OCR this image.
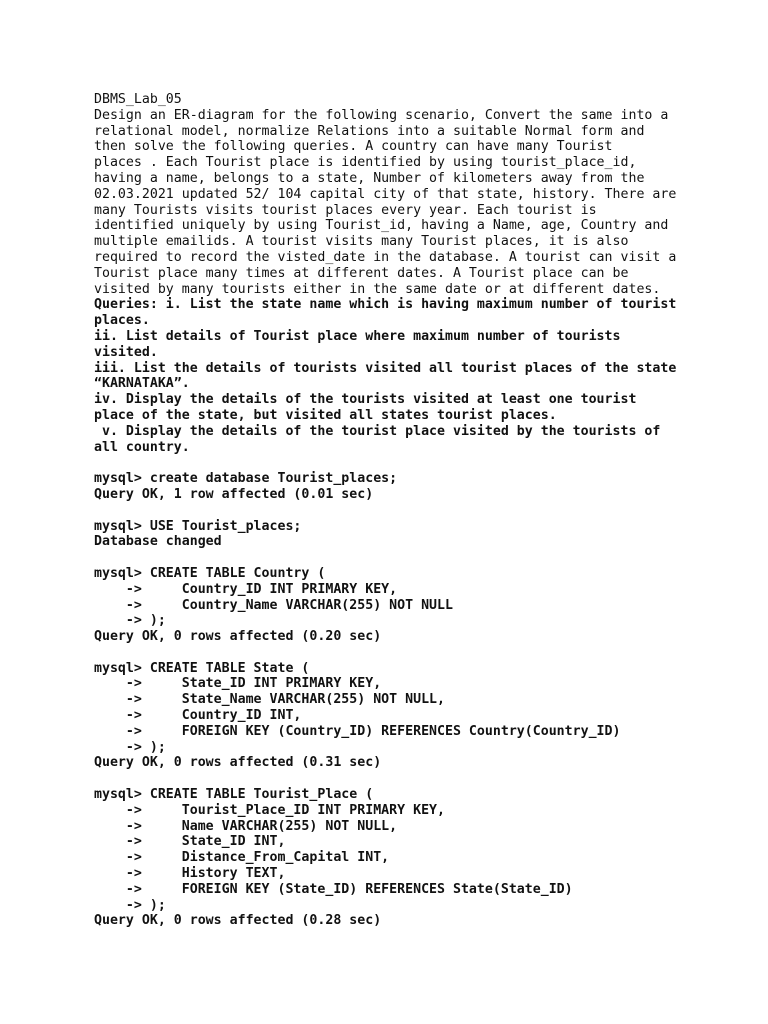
DBMS_Lab_05
Design an ER-diagram for the following scenario, Convert the same into a
relational model, normalize Relations into a suitable Normal form and
then solve the following queries. A country can have many Tourist
places . Each Tourist place is identified by using tourist_place_id,
having a name, belongs to a state, Number of kilometers away from the
02.03.2021 updated 52/ 104 capital city of that state, history. There are
many Tourists visits tourist places every year. Each tourist is
identified uniquely by using Tourist_id, having a Name, age, Country and
multiple emailids. A tourist visits many Tourist places, it is also
required to record the visted_date in the database. A tourist can visit a
Tourist place many times at different dates. A Tourist place can be
visited by many tourists either in the same date or at different dates.
Queries: i. List the state name which is having maximum number of tourist
places.
ii. List details of Tourist place where maximum number of tourists
visited.
iii. List the details of tourists visited all tourist places of the state
“KARNATAKA”.
iv. Display the details of the tourists visited at least one tourist
place of the state, but visited all states tourist places.
v. Display the details of the tourist place visited by the tourists of
all country.
mysql> create database Tourist_places;
Query OK, 1 row affected (0.01 sec)
mysql> USE Tourist_places;
Database changed
mysql> CREATE TABLE Country (
->     Country_ID INT PRIMARY KEY,
->     Country_Name VARCHAR(255) NOT NULL
-> );
Query OK, 0 rows affected (0.20 sec)
mysql> CREATE TABLE State (
->     State_ID INT PRIMARY KEY,
->     State_Name VARCHAR(255) NOT NULL,
->     Country_ID INT,
->     FOREIGN KEY (Country_ID) REFERENCES Country(Country_ID)
-> );
Query OK, 0 rows affected (0.31 sec)
mysql> CREATE TABLE Tourist_Place (
->     Tourist_Place_ID INT PRIMARY KEY,
->     Name VARCHAR(255) NOT NULL,
->     State_ID INT,
->     Distance_From_Capital INT,
->     History TEXT,
->     FOREIGN KEY (State_ID) REFERENCES State(State_ID)
-> );
Query OK, 0 rows affected (0.28 sec)
